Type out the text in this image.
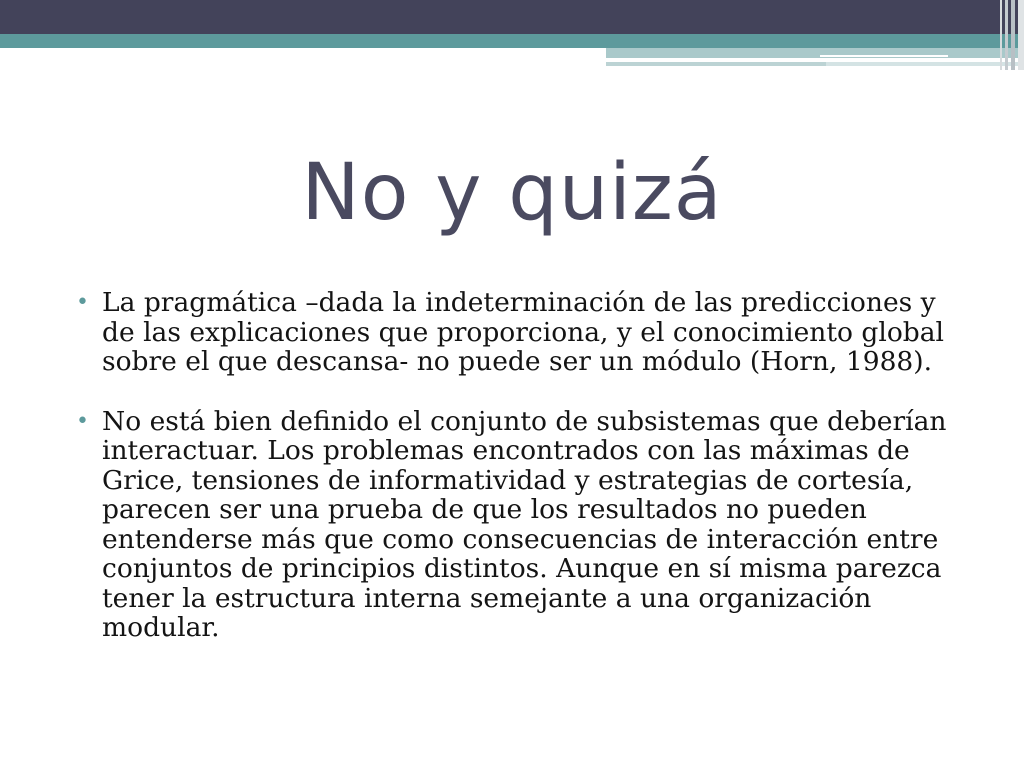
No y quizá
• La pragmática –dada la indeterminación de las predicciones y de las explicaciones que proporciona, y el conocimiento global sobre el que descansa- no puede ser un módulo (Horn, 1988).
• No está bien definido el conjunto de subsistemas que deberían interactuar. Los problemas encontrados con las máximas de Grice, tensiones de informatividad y estrategias de cortesía, parecen ser una prueba de que los resultados no pueden entenderse más que como consecuencias de interacción entre conjuntos de principios distintos. Aunque en sí misma parezca tener la estructura interna semejante a una organización modular.
